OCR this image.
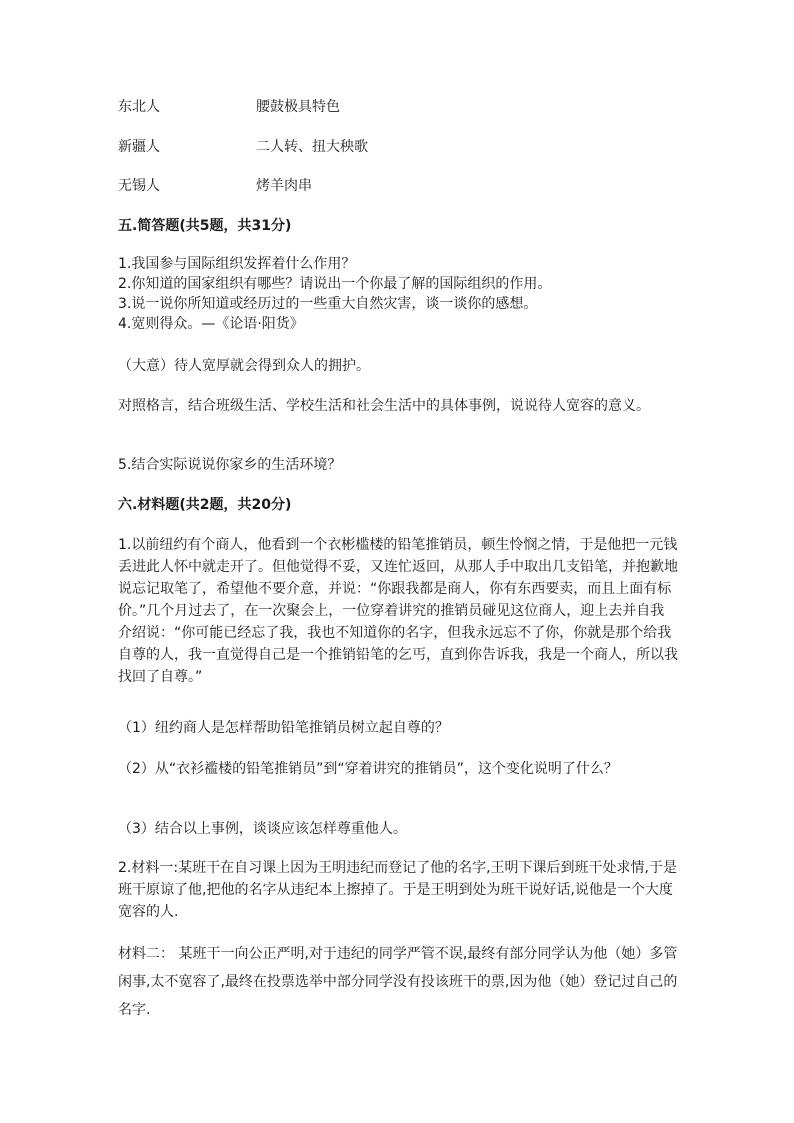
东北人	腰鼓极具特色
新疆人	二人转、扭大秧歌
无锡人	烤羊肉串

五.简答题(共5题，共31分)

1.我国参与国际组织发挥着什么作用？
2.你知道的国家组织有哪些？请说出一个你最了解的国际组织的作用。
3.说一说你所知道或经历过的一些重大自然灾害，谈一谈你的感想。
4.宽则得众。—《论语·阳货》

（大意）待人宽厚就会得到众人的拥护。

对照格言，结合班级生活、学校生活和社会生活中的具体事例，说说待人宽容的意义。

5.结合实际说说你家乡的生活环境？

六.材料题(共2题，共20分)

1.以前纽约有个商人，他看到一个衣彬槛楼的铅笔推销员，顿生怜悯之情，于是他把一元钱丢进此人怀中就走开了。但他觉得不妥，又连忙返回，从那人手中取出几支铅笔，并抱歉地说忘记取笔了，希望他不要介意，并说：“你跟我都是商人，你有东西要卖，而且上面有标价。”几个月过去了，在一次聚会上，一位穿着讲究的推销员碰见这位商人，迎上去并自我介绍说：“你可能已经忘了我，我也不知道你的名字，但我永远忘不了你，你就是那个给我自尊的人，我一直觉得自己是一个推销铅笔的乞丐，直到你告诉我，我是一个商人，所以我找回了自尊。”

（1）纽约商人是怎样帮助铅笔推销员树立起自尊的？

（2）从“衣衫褴楼的铅笔推销员”到“穿着讲究的推销员”，这个变化说明了什么？

（3）结合以上事例，谈谈应该怎样尊重他人。

2.材料一:某班干在自习课上因为王明违纪而登记了他的名字,王明下课后到班干处求情,于是班干原谅了他,把他的名字从违纪本上擦掉了。于是王明到处为班干说好话,说他是一个大度宽容的人.

材料二： 某班干一向公正严明,对于违纪的同学严管不误,最终有部分同学认为他（她）多管闲事,太不宽容了,最终在投票选举中部分同学没有投该班干的票,因为他（她）登记过自己的名字.
